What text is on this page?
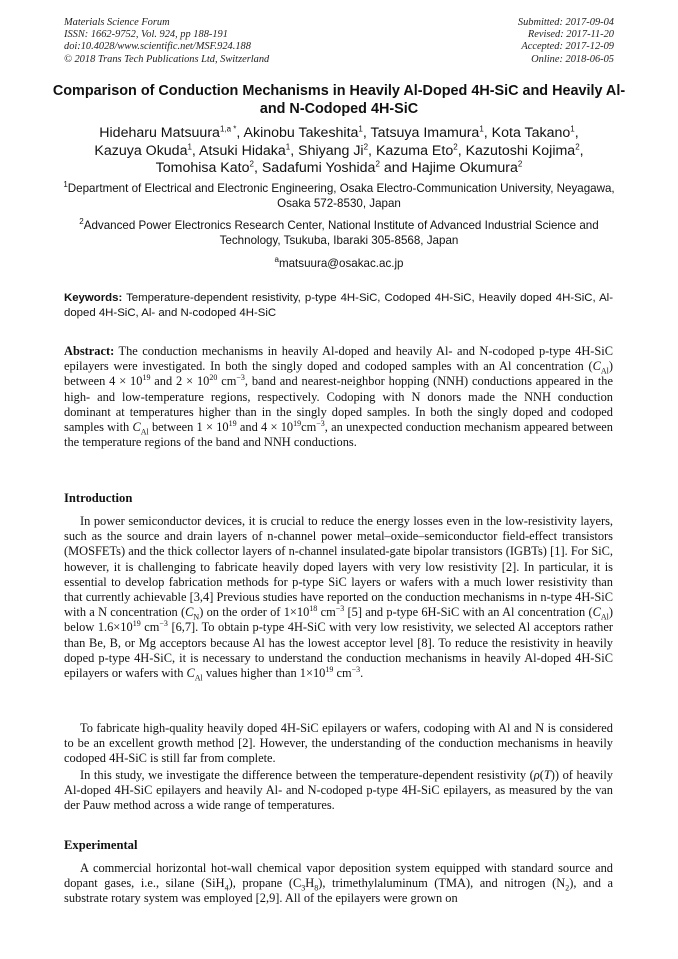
Materials Science Forum
ISSN: 1662-9752, Vol. 924, pp 188-191
doi:10.4028/www.scientific.net/MSF.924.188
© 2018 Trans Tech Publications Ltd, Switzerland
Submitted: 2017-09-04
Revised: 2017-11-20
Accepted: 2017-12-09
Online: 2018-06-05
Comparison of Conduction Mechanisms in Heavily Al-Doped 4H-SiC and Heavily Al- and N-Codoped 4H-SiC
Hideharu Matsuura$^{1,a *}$, Akinobu Takeshita$^1$, Tatsuya Imamura$^1$, Kota Takano$^1$,
Kazuya Okuda$^1$, Atsuki Hidaka$^1$, Shiyang Ji$^2$, Kazuma Eto$^2$, Kazutoshi Kojima$^2$,
Tomohisa Kato$^2$, Sadafumi Yoshida$^2$ and Hajime Okumura$^2$
$^1$Department of Electrical and Electronic Engineering, Osaka Electro-Communication University, Neyagawa, Osaka 572-8530, Japan
$^2$Advanced Power Electronics Research Center, National Institute of Advanced Industrial Science and Technology, Tsukuba, Ibaraki 305-8568, Japan
$^a$matsuura@osakac.ac.jp
Keywords: Temperature-dependent resistivity, p-type 4H-SiC, Codoped 4H-SiC, Heavily doped 4H-SiC, Al-doped 4H-SiC, Al- and N-codoped 4H-SiC
Abstract: The conduction mechanisms in heavily Al-doped and heavily Al- and N-codoped p-type 4H-SiC epilayers were investigated. In both the singly doped and codoped samples with an Al concentration $(C_{Al})$ between $4 \times 10^{19}$ and $2 \times 10^{20}$ $cm^{-3}$, band and nearest-neighbor hopping (NNH) conductions appeared in the high- and low-temperature regions, respectively. Codoping with N donors made the NNH conduction dominant at temperatures higher than in the singly doped samples. In both the singly doped and codoped samples with $C_{Al}$ between $1 \times 10^{19}$ and $4 \times 10^{19}cm^{-3}$, an unexpected conduction mechanism appeared between the temperature regions of the band and NNH conductions.
Introduction
In power semiconductor devices, it is crucial to reduce the energy losses even in the low-resistivity layers, such as the source and drain layers of n-channel power metal–oxide–semiconductor field-effect transistors (MOSFETs) and the thick collector layers of n-channel insulated-gate bipolar transistors (IGBTs) [1]. For SiC, however, it is challenging to fabricate heavily doped layers with very low resistivity [2]. In particular, it is essential to develop fabrication methods for p-type SiC layers or wafers with a much lower resistivity than that currently achievable [3,4] Previous studies have reported on the conduction mechanisms in n-type 4H-SiC with a N concentration $(C_N)$ on the order of $1\times 10^{18}$ $cm^{-3}$ [5] and p-type 6H-SiC with an Al concentration $(C_{Al})$ below $1.6\times 10^{19}$ $cm^{-3}$ [6,7]. To obtain p-type 4H-SiC with very low resistivity, we selected Al acceptors rather than Be, B, or Mg acceptors because Al has the lowest acceptor level [8]. To reduce the resistivity in heavily doped p-type 4H-SiC, it is necessary to understand the conduction mechanisms in heavily Al-doped 4H-SiC epilayers or wafers with $C_{Al}$ values higher than $1\times 10^{19}$ $cm^{-3}$.
To fabricate high-quality heavily doped 4H-SiC epilayers or wafers, codoping with Al and N is considered to be an excellent growth method [2]. However, the understanding of the conduction mechanisms in heavily codoped 4H-SiC is still far from complete.
In this study, we investigate the difference between the temperature-dependent resistivity (ρ(T)) of heavily Al-doped 4H-SiC epilayers and heavily Al- and N-codoped p-type 4H-SiC epilayers, as measured by the van der Pauw method across a wide range of temperatures.
Experimental
A commercial horizontal hot-wall chemical vapor deposition system equipped with standard source and dopant gases, i.e., silane (SiH$_4$), propane $(C_3H_8)$, trimethylaluminum (TMA), and nitrogen $(N_2)$, and a substrate rotary system was employed [2,9]. All of the epilayers were grown on
